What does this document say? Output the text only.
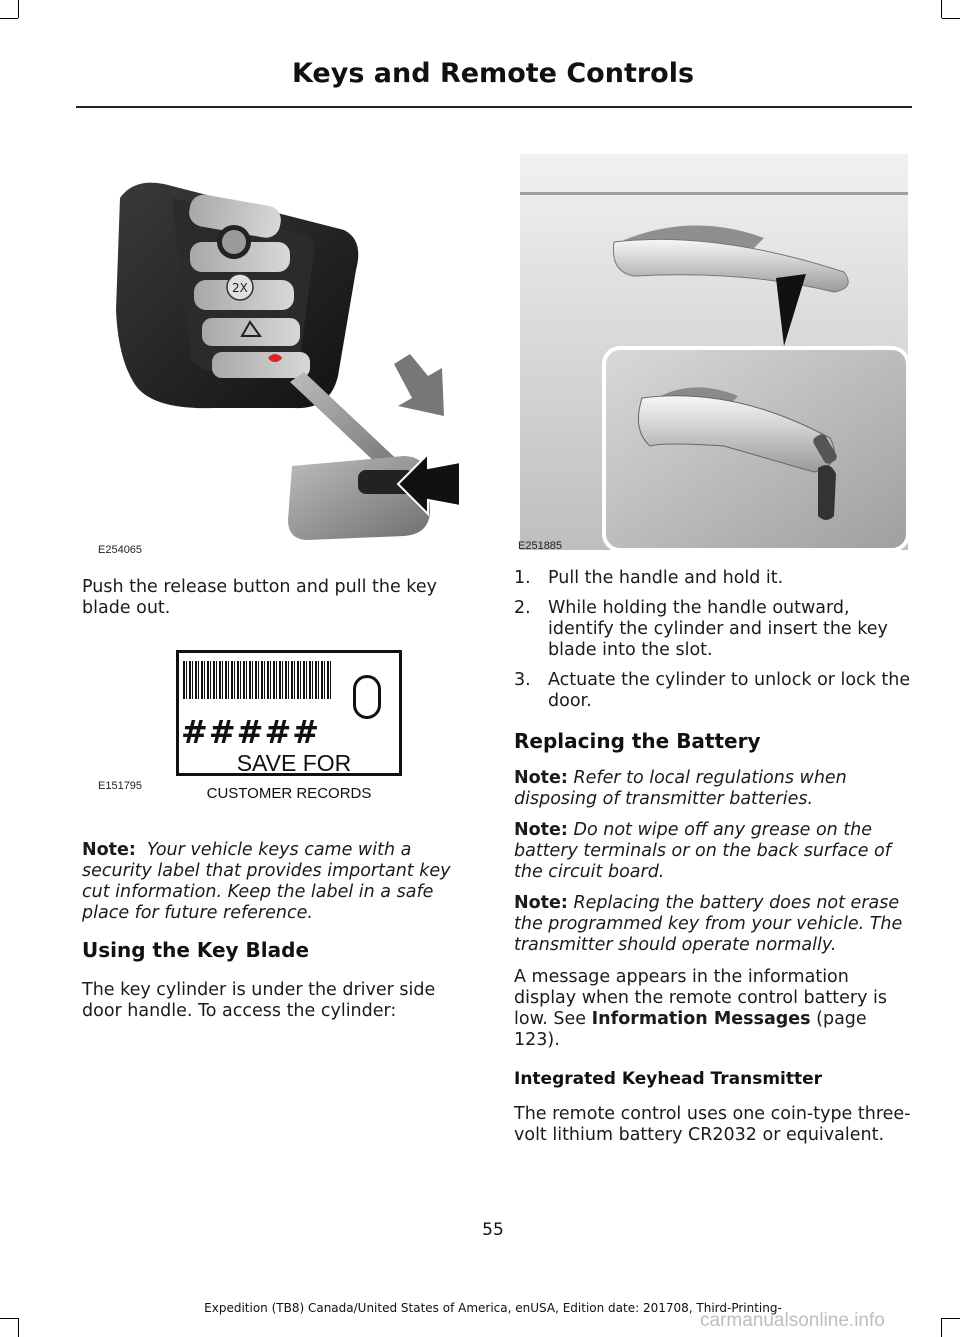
Keys and Remote Controls
2X
E254065	E251885

Push the release button and pull the key blade out.

#####
SAVE FOR
CUSTOMER RECORDS
E151795

Note: Your vehicle keys came with a security label that provides important key cut information. Keep the label in a safe place for future reference.

Using the Key Blade

The key cylinder is under the driver side door handle. To access the cylinder:

1. Pull the handle and hold it.
2. While holding the handle outward, identify the cylinder and insert the key blade into the slot.
3. Actuate the cylinder to unlock or lock the door.
Replacing the Battery

Note: Refer to local regulations when disposing of transmitter batteries.

Note: Do not wipe off any grease on the battery terminals or on the back surface of the circuit board.

Note: Replacing the battery does not erase the programmed key from your vehicle. The transmitter should operate normally.

A message appears in the information display when the remote control battery is low. See Information Messages (page 123).

Integrated Keyhead Transmitter

The remote control uses one coin-type three-volt lithium battery CR2032 or equivalent.

55
Expedition (TB8) Canada/United States of America, enUSA, Edition date: 201708, Third-Printing-
carmanualsonline.info
